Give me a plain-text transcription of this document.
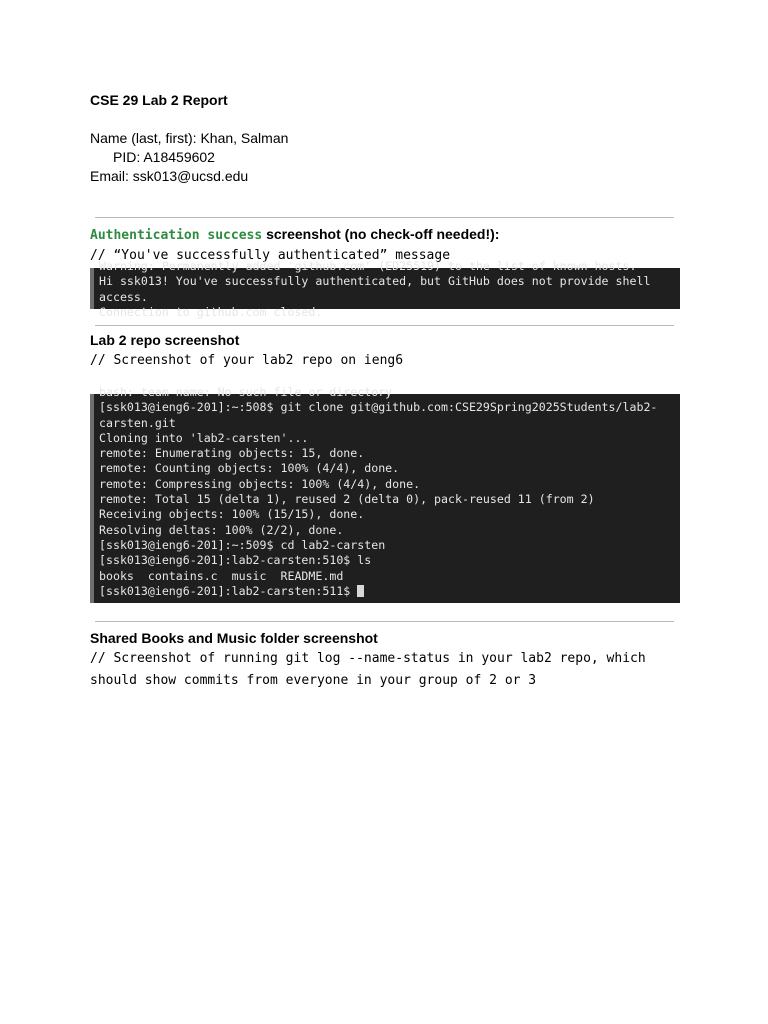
CSE 29 Lab 2 Report
Name (last, first): Khan, Salman
PID: A18459602
Email: ssk013@ucsd.edu
Authentication success screenshot (no check-off needed!):
// “You've successfully authenticated” message
Warning: Permanently added 'github.com' (ED25519) to the list of known hosts.
Hi ssk013! You've successfully authenticated, but GitHub does not provide shell
access.
Connection to github.com closed.
Lab 2 repo screenshot
// Screenshot of your lab2 repo on ieng6
bash: team name: No such file or directory
[ssk013@ieng6-201]:~:508$ git clone git@github.com:CSE29Spring2025Students/lab2-
carsten.git
Cloning into 'lab2-carsten'...
remote: Enumerating objects: 15, done.
remote: Counting objects: 100% (4/4), done.
remote: Compressing objects: 100% (4/4), done.
remote: Total 15 (delta 1), reused 2 (delta 0), pack-reused 11 (from 2)
Receiving objects: 100% (15/15), done.
Resolving deltas: 100% (2/2), done.
[ssk013@ieng6-201]:~:509$ cd lab2-carsten
[ssk013@ieng6-201]:lab2-carsten:510$ ls
books  contains.c  music  README.md
[ssk013@ieng6-201]:lab2-carsten:511$
Shared Books and Music folder screenshot
// Screenshot of running git log --name-status in your lab2 repo, which
should show commits from everyone in your group of 2 or 3
